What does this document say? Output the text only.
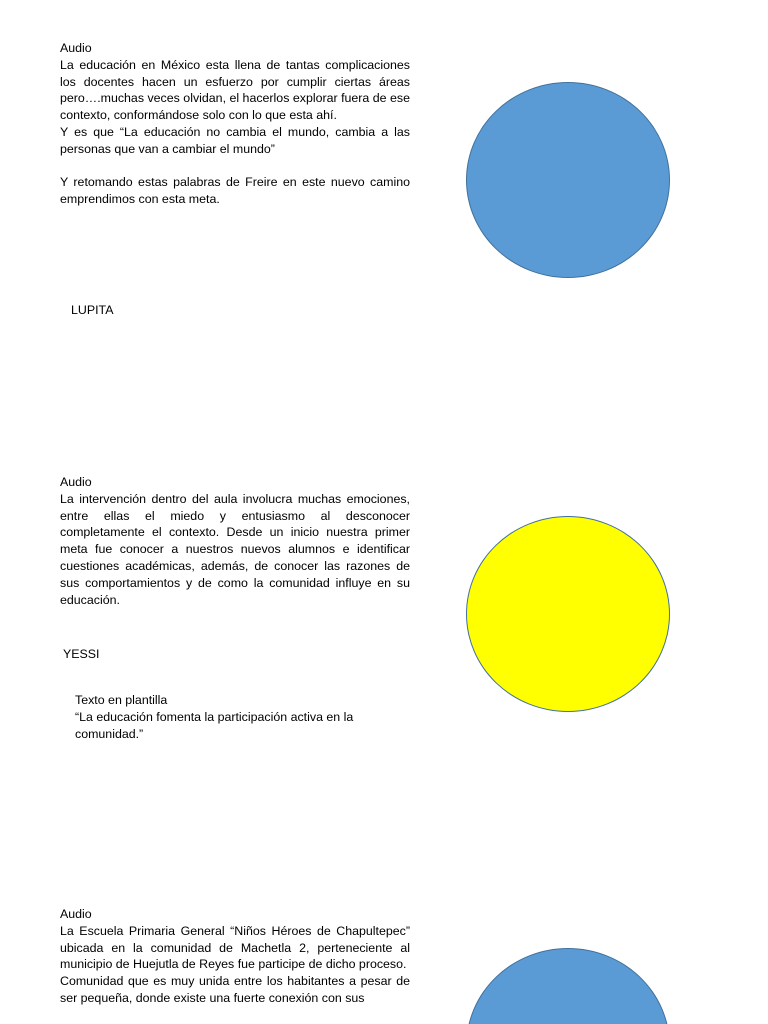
Audio

La educación en México esta llena de tantas complicaciones los docentes hacen un esfuerzo por cumplir ciertas áreas pero….muchas veces olvidan, el hacerlos explorar fuera de ese contexto, conformándose solo con lo que esta ahí.

Y es que “La educación no cambia el mundo, cambia a las personas que van a cambiar el mundo”

Y retomando estas palabras de Freire en este nuevo camino emprendimos con esta meta.

LUPITA

Audio

La intervención dentro del aula involucra muchas emociones, entre ellas el miedo y entusiasmo al desconocer completamente el contexto. Desde un inicio nuestra primer meta fue conocer a nuestros nuevos alumnos e identificar cuestiones académicas, además, de conocer las razones de sus comportamientos y de como la comunidad influye en su educación.

YESSI

Texto en plantilla

“La educación fomenta la participación activa en la comunidad.”

Audio

La Escuela Primaria General “Niños Héroes de Chapultepec” ubicada en la comunidad de Machetla 2, perteneciente al municipio de Huejutla de Reyes fue participe de dicho proceso.

Comunidad que es muy unida entre los habitantes a pesar de ser pequeña, donde existe una fuerte conexión con sus
